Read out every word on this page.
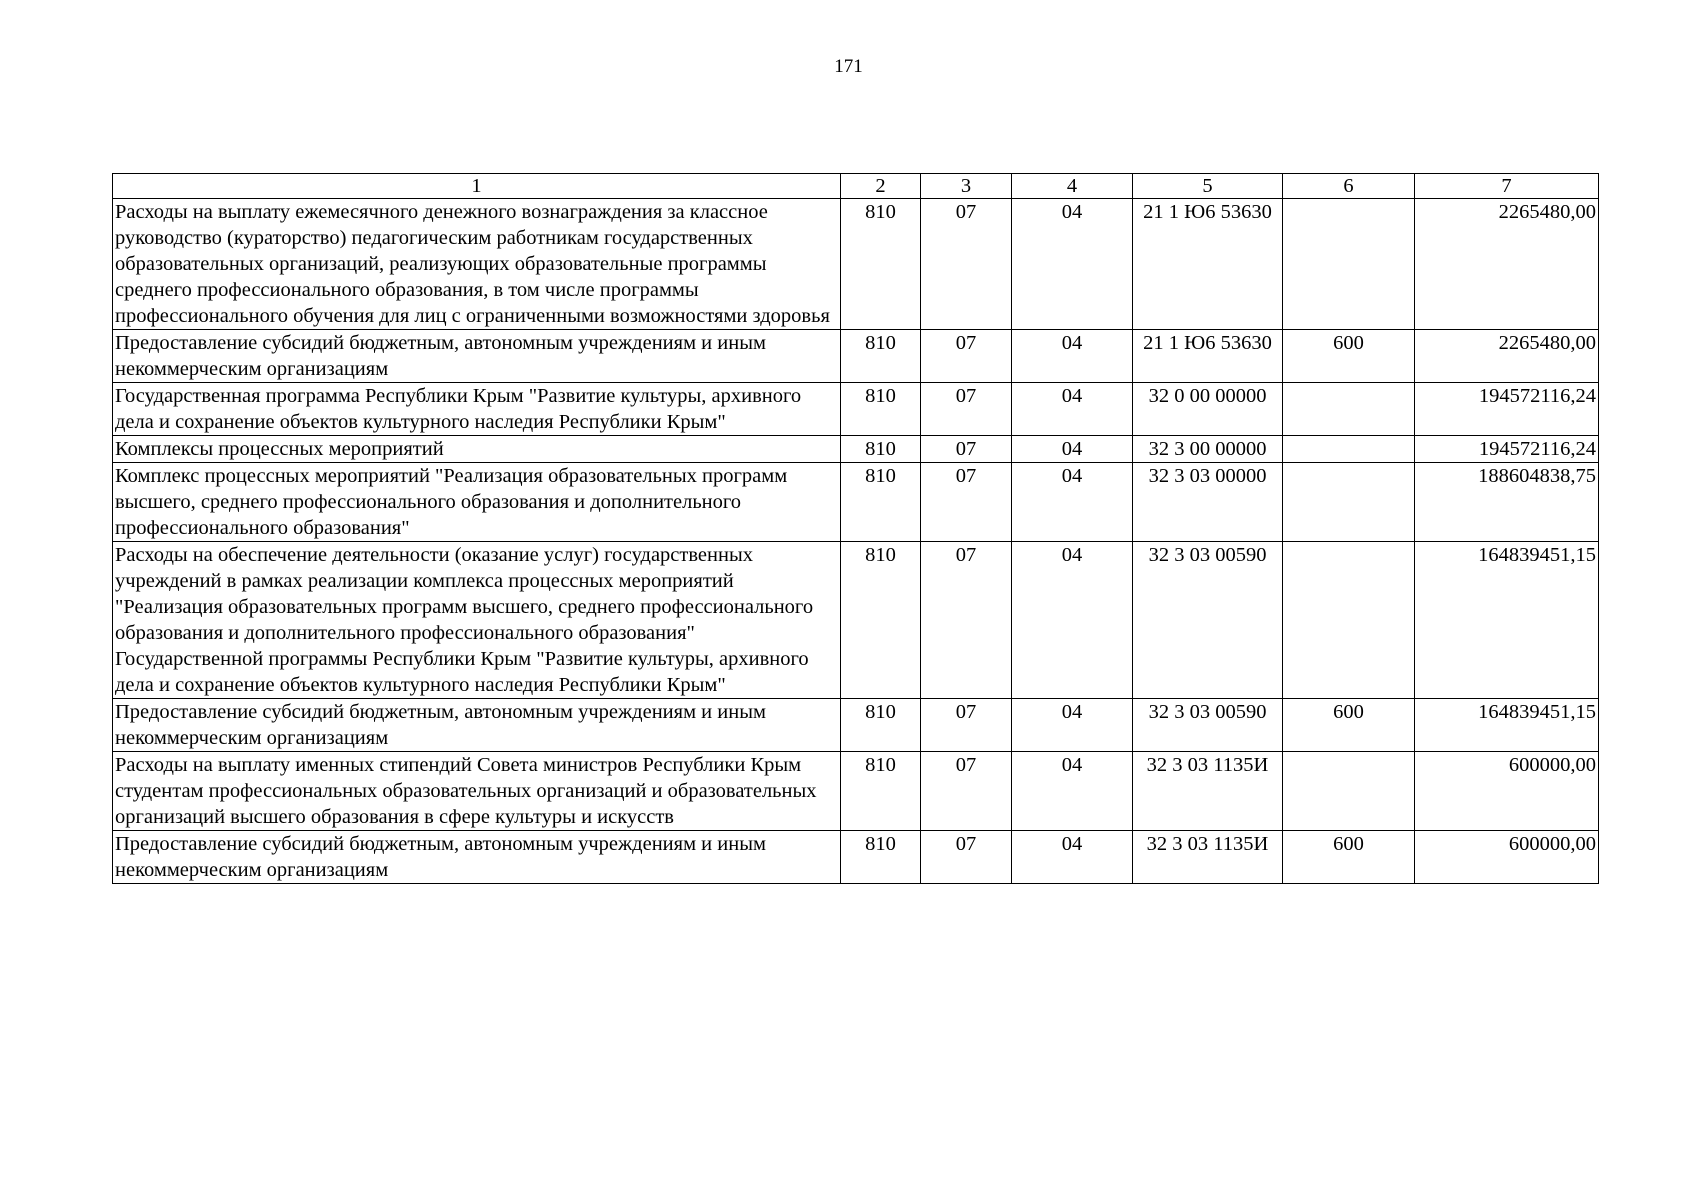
171
1	2	3	4	5	6	7
Расходы на выплату ежемесячного денежного вознаграждения за классное руководство (кураторство) педагогическим работникам государственных образовательных организаций, реализующих образовательные программы среднего профессионального образования, в том числе программы профессионального обучения для лиц с ограниченными возможностями здоровья	810	07	04	21 1 Ю6 53630		2265480,00
Предоставление субсидий бюджетным, автономным учреждениям и иным некоммерческим организациям	810	07	04	21 1 Ю6 53630	600	2265480,00
Государственная программа Республики Крым "Развитие культуры, архивного дела и сохранение объектов культурного наследия Республики Крым"	810	07	04	32 0 00 00000		194572116,24
Комплексы процессных мероприятий	810	07	04	32 3 00 00000		194572116,24
Комплекс процессных мероприятий "Реализация образовательных программ высшего, среднего профессионального образования и дополнительного профессионального образования"	810	07	04	32 3 03 00000		188604838,75
Расходы на обеспечение деятельности (оказание услуг) государственных учреждений в рамках реализации комплекса процессных мероприятий "Реализация образовательных программ высшего, среднего профессионального образования и дополнительного профессионального образования" Государственной программы Республики Крым "Развитие культуры, архивного дела и сохранение объектов культурного наследия Республики Крым"	810	07	04	32 3 03 00590		164839451,15
Предоставление субсидий бюджетным, автономным учреждениям и иным некоммерческим организациям	810	07	04	32 3 03 00590	600	164839451,15
Расходы на выплату именных стипендий Совета министров Республики Крым студентам профессиональных образовательных организаций и образовательных организаций высшего образования в сфере культуры и искусств	810	07	04	32 3 03 1135И		600000,00
Предоставление субсидий бюджетным, автономным учреждениям и иным некоммерческим организациям	810	07	04	32 3 03 1135И	600	600000,00
